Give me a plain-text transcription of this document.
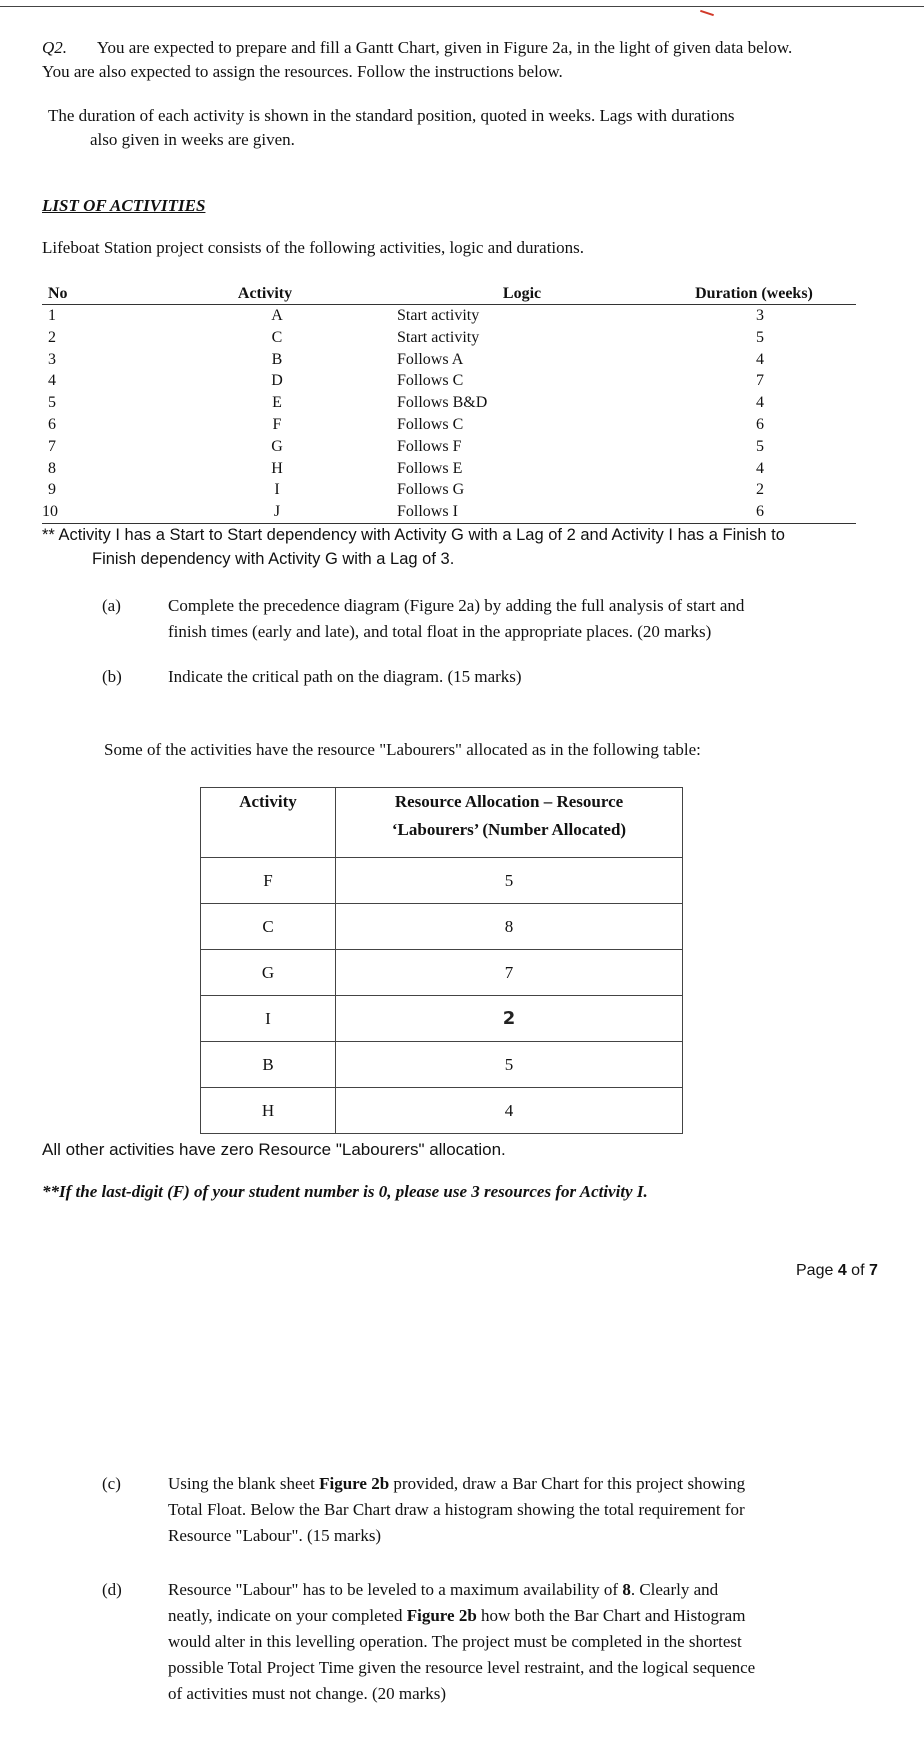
Q2. You are expected to prepare and fill a Gantt Chart, given in Figure 2a, in the light of given data below.
You are also expected to assign the resources. Follow the instructions below.
The duration of each activity is shown in the standard position, quoted in weeks. Lags with durations
also given in weeks are given.
LIST OF ACTIVITIES
Lifeboat Station project consists of the following activities, logic and durations.
No	Activity	Logic	Duration (weeks)
1	A	Start activity	3
2	C	Start activity	5
3	B	Follows A	4
4	D	Follows C	7
5	E	Follows B&D	4
6	F	Follows C	6
7	G	Follows F	5
8	H	Follows E	4
9	I	Follows G	2
10	J	Follows I	6
** Activity I has a Start to Start dependency with Activity G with a Lag of 2 and Activity I has a Finish to
Finish dependency with Activity G with a Lag of 3.
(a)	Complete the precedence diagram (Figure 2a) by adding the full analysis of start and
finish times (early and late), and total float in the appropriate places. (20 marks)
(b)	Indicate the critical path on the diagram. (15 marks)
Some of the activities have the resource "Labourers" allocated as in the following table:
Activity	Resource Allocation – Resource
‘Labourers’ (Number Allocated)

F	5
C	8
G	7
I	2
B	5
H	4
All other activities have zero Resource "Labourers" allocation.
**If the last-digit (F) of your student number is 0, please use 3 resources for Activity I.
Page 4 of 7
(c)	Using the blank sheet Figure 2b provided, draw a Bar Chart for this project showing
Total Float. Below the Bar Chart draw a histogram showing the total requirement for
Resource "Labour". (15 marks)
(d)	Resource "Labour" has to be leveled to a maximum availability of 8. Clearly and
neatly, indicate on your completed Figure 2b how both the Bar Chart and Histogram
would alter in this levelling operation. The project must be completed in the shortest
possible Total Project Time given the resource level restraint, and the logical sequence
of activities must not change. (20 marks)
